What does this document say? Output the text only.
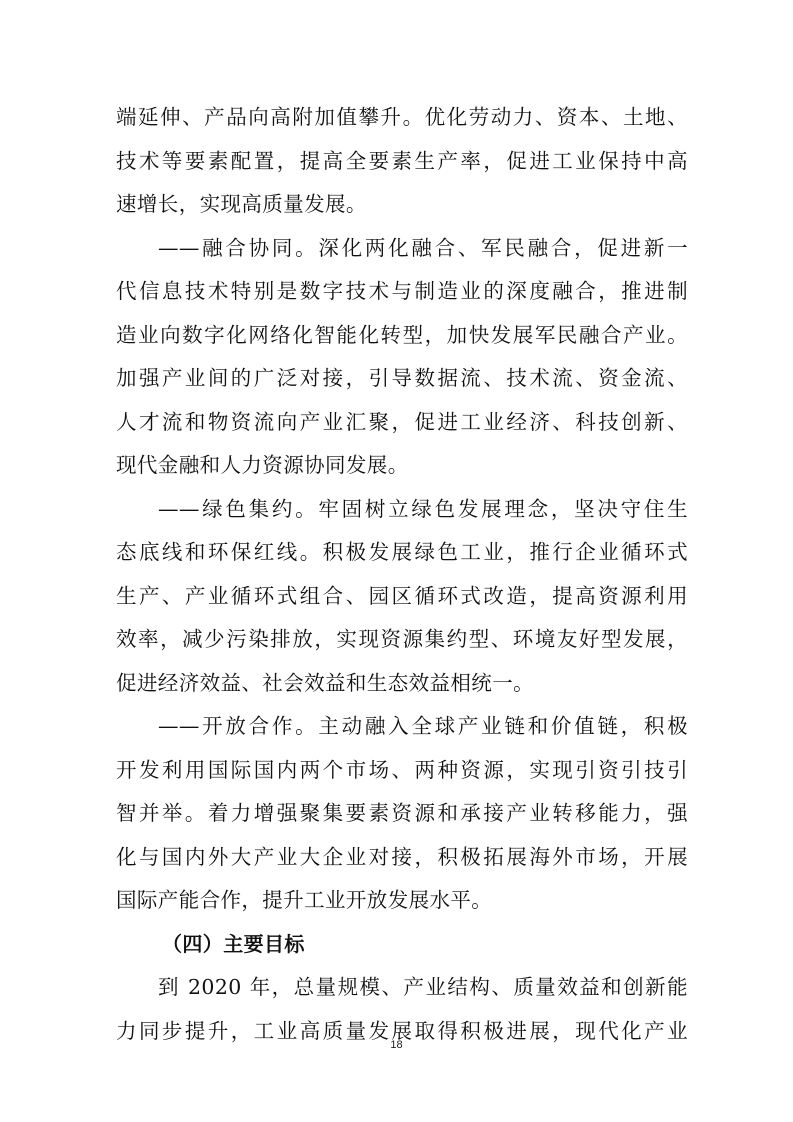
端延伸、产品向高附加值攀升。优化劳动力、资本、土地、
技术等要素配置，提高全要素生产率，促进工业保持中高
速增长，实现高质量发展。
——融合协同。深化两化融合、军民融合，促进新一
代信息技术特别是数字技术与制造业的深度融合，推进制
造业向数字化网络化智能化转型，加快发展军民融合产业。
加强产业间的广泛对接，引导数据流、技术流、资金流、
人才流和物资流向产业汇聚，促进工业经济、科技创新、
现代金融和人力资源协同发展。
——绿色集约。牢固树立绿色发展理念，坚决守住生
态底线和环保红线。积极发展绿色工业，推行企业循环式
生产、产业循环式组合、园区循环式改造，提高资源利用
效率，减少污染排放，实现资源集约型、环境友好型发展，
促进经济效益、社会效益和生态效益相统一。
——开放合作。主动融入全球产业链和价值链，积极
开发利用国际国内两个市场、两种资源，实现引资引技引
智并举。着力增强聚集要素资源和承接产业转移能力，强
化与国内外大产业大企业对接，积极拓展海外市场，开展
国际产能合作，提升工业开放发展水平。
（四）主要目标
到 2020 年，总量规模、产业结构、质量效益和创新能
力同步提升，工业高质量发展取得积极进展，现代化产业
18
